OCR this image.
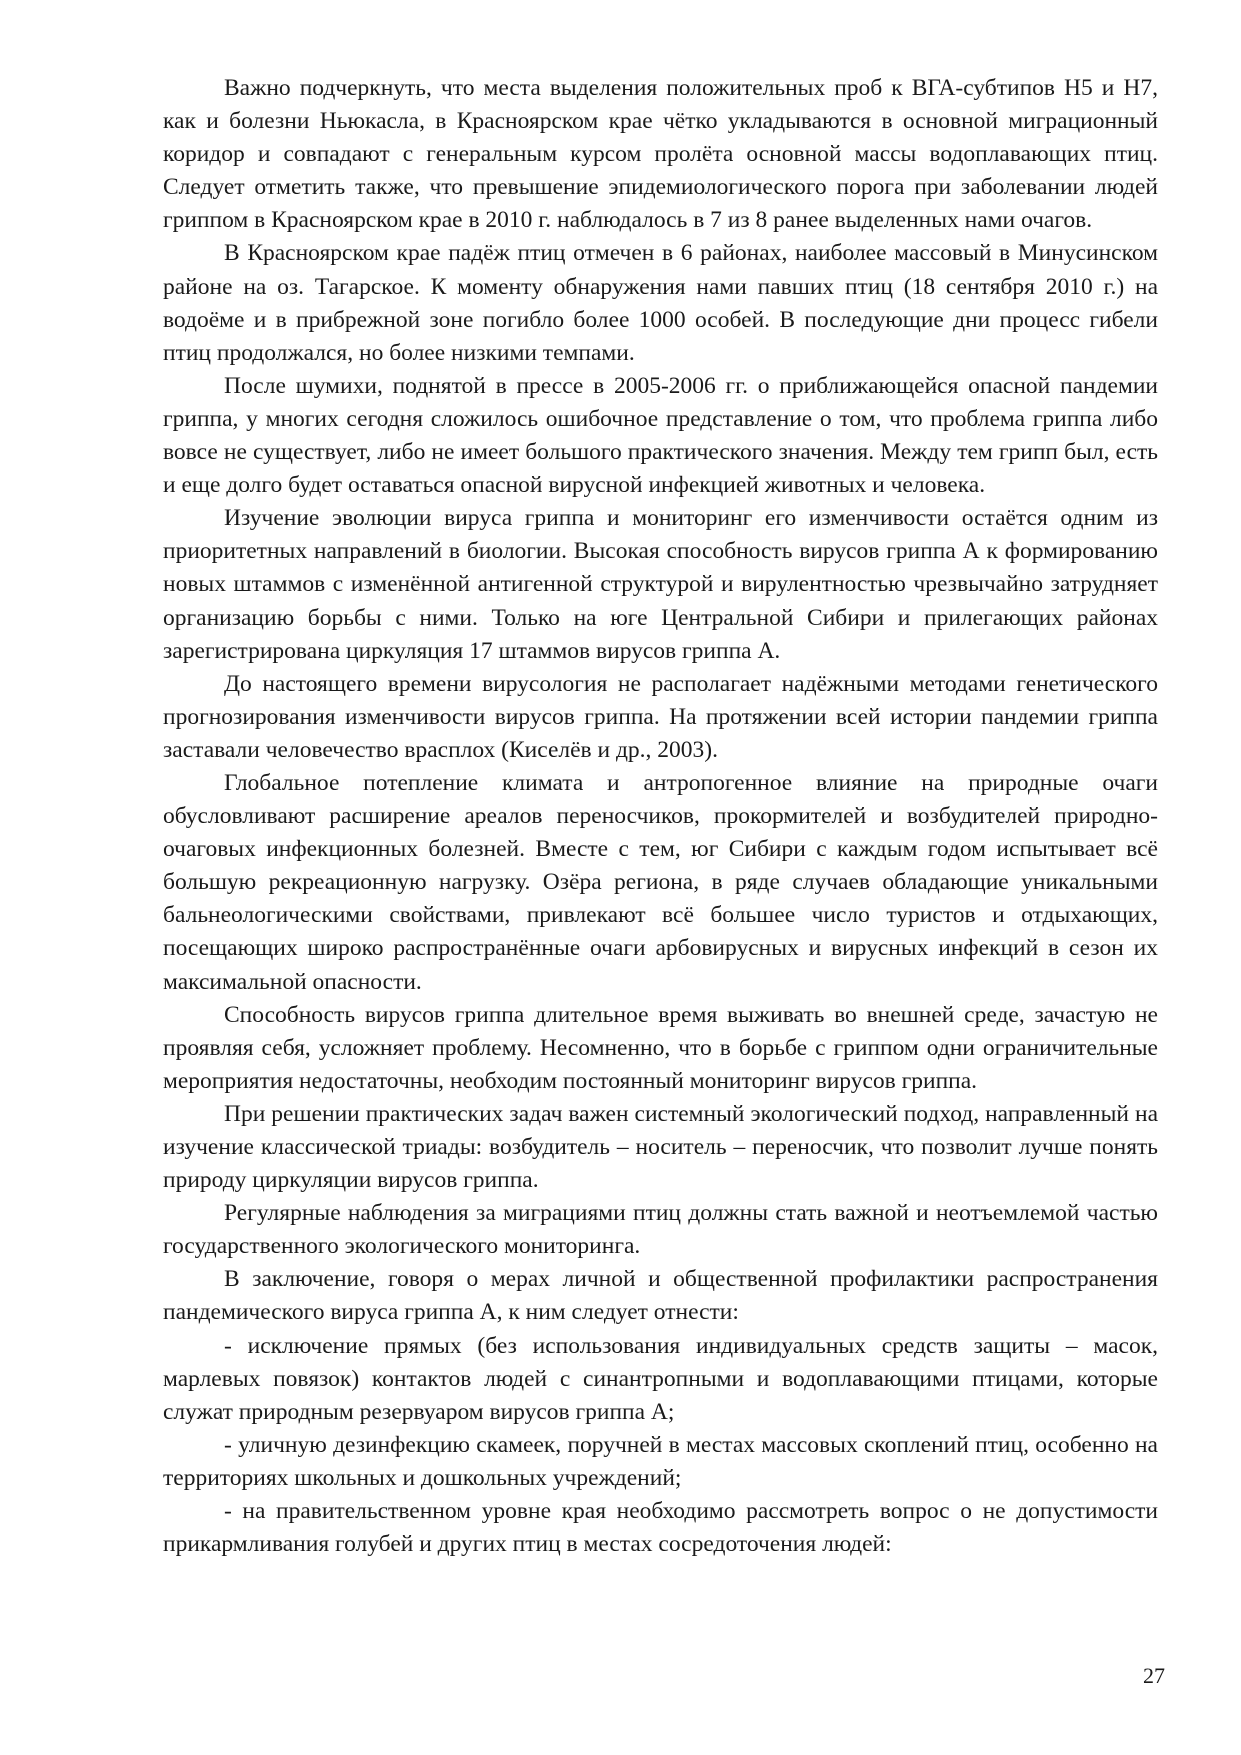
Важно подчеркнуть, что места выделения положительных проб к ВГА-субтипов H5 и H7, как и болезни Ньюкасла, в Красноярском крае чётко укладываются в основной миграционный коридор и совпадают с генеральным курсом пролёта основной массы водоплавающих птиц. Следует отметить также, что превышение эпидемиологического порога при заболевании людей гриппом в Красноярском крае в 2010 г. наблюдалось в 7 из 8 ранее выделенных нами очагов.

В Красноярском крае падёж птиц отмечен в 6 районах, наиболее массовый в Минусинском районе на оз. Тагарское. К моменту обнаружения нами павших птиц (18 сентября 2010 г.) на водоёме и в прибрежной зоне погибло более 1000 особей. В последующие дни процесс гибели птиц продолжался, но более низкими темпами.

После шумихи, поднятой в прессе в 2005-2006 гг. о приближающейся опасной пандемии гриппа, у многих сегодня сложилось ошибочное представление о том, что проблема гриппа либо вовсе не существует, либо не имеет большого практического значения. Между тем грипп был, есть и еще долго будет оставаться опасной вирусной инфекцией животных и человека.

Изучение эволюции вируса гриппа и мониторинг его изменчивости остаётся одним из приоритетных направлений в биологии. Высокая способность вирусов гриппа А к формированию новых штаммов с изменённой антигенной структурой и вирулентностью чрезвычайно затрудняет организацию борьбы с ними. Только на юге Центральной Сибири и прилегающих районах зарегистрирована циркуляция 17 штаммов вирусов гриппа А.

До настоящего времени вирусология не располагает надёжными методами генетического прогнозирования изменчивости вирусов гриппа. На протяжении всей истории пандемии гриппа заставали человечество врасплох (Киселёв и др., 2003).

Глобальное потепление климата и антропогенное влияние на природные очаги обусловливают расширение ареалов переносчиков, прокормителей и возбудителей природно-очаговых инфекционных болезней. Вместе с тем, юг Сибири с каждым годом испытывает всё большую рекреационную нагрузку. Озёра региона, в ряде случаев обладающие уникальными бальнеологическими свойствами, привлекают всё большее число туристов и отдыхающих, посещающих широко распространённые очаги арбовирусных и вирусных инфекций в сезон их максимальной опасности.

Способность вирусов гриппа длительное время выживать во внешней среде, зачастую не проявляя себя, усложняет проблему. Несомненно, что в борьбе с гриппом одни ограничительные мероприятия недостаточны, необходим постоянный мониторинг вирусов гриппа.

При решении практических задач важен системный экологический подход, направленный на изучение классической триады: возбудитель – носитель – переносчик, что позволит лучше понять природу циркуляции вирусов гриппа.

Регулярные наблюдения за миграциями птиц должны стать важной и неотъемлемой частью государственного экологического мониторинга.

В заключение, говоря о мерах личной и общественной профилактики распространения пандемического вируса гриппа А, к ним следует отнести:

- исключение прямых (без использования индивидуальных средств защиты – масок, марлевых повязок) контактов людей с синантропными и водоплавающими птицами, которые служат природным резервуаром вирусов гриппа А;

- уличную дезинфекцию скамеек, поручней в местах массовых скоплений птиц, особенно на территориях школьных и дошкольных учреждений;

- на правительственном уровне края необходимо рассмотреть вопрос о не допустимости прикармливания голубей и других птиц в местах сосредоточения людей:

27
